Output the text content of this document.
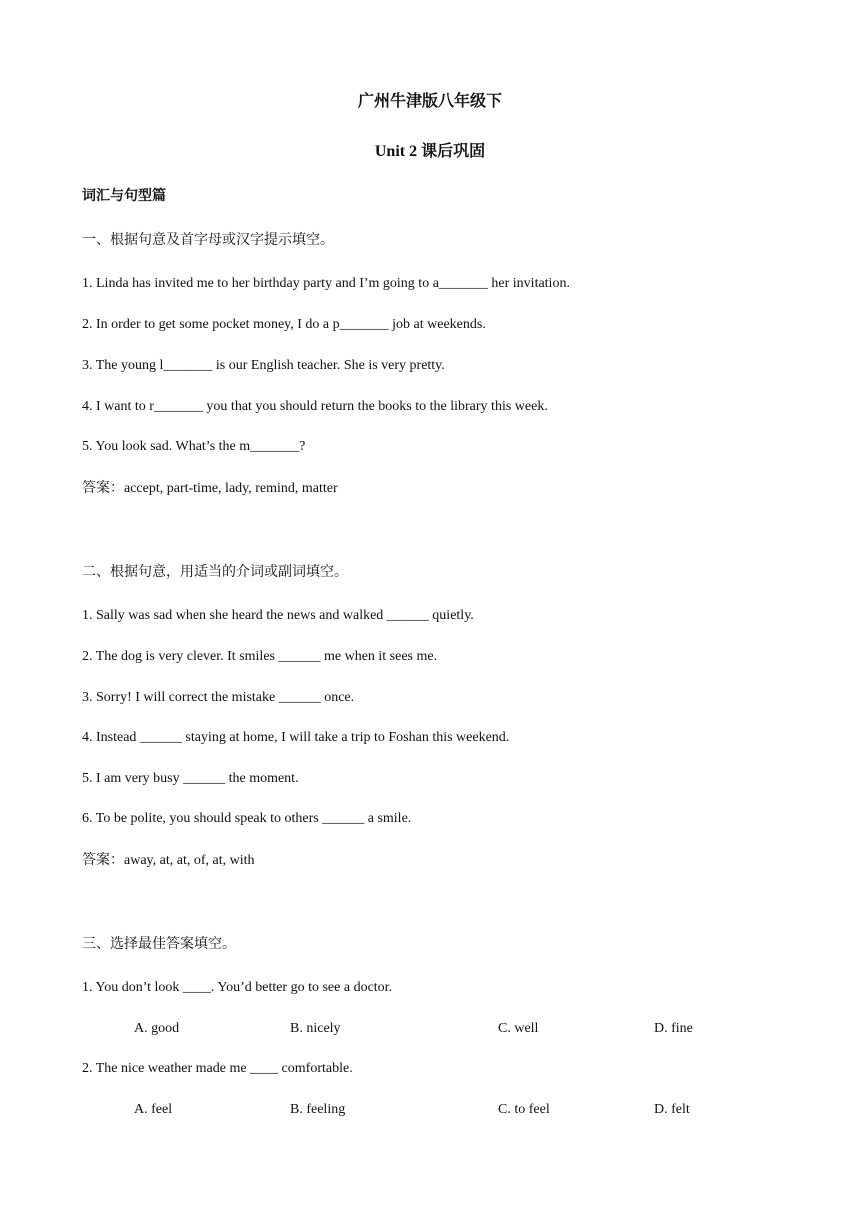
广州牛津版八年级下
Unit 2 课后巩固
词汇与句型篇
一、根据句意及首字母或汉字提示填空。
1. Linda has invited me to her birthday party and I’m going to a_______ her invitation.
2. In order to get some pocket money, I do a p_______ job at weekends.
3. The young l_______ is our English teacher. She is very pretty.
4. I want to r_______ you that you should return the books to the library this week.
5. You look sad. What’s the m_______?
答案：accept, part-time, lady, remind, matter
二、根据句意，用适当的介词或副词填空。
1. Sally was sad when she heard the news and walked ______ quietly.
2. The dog is very clever. It smiles ______ me when it sees me.
3. Sorry! I will correct the mistake ______ once.
4. Instead ______ staying at home, I will take a trip to Foshan this weekend.
5. I am very busy ______ the moment.
6. To be polite, you should speak to others ______ a smile.
答案：away, at, at, of, at, with
三、选择最佳答案填空。
1. You don’t look ____. You’d better go to see a doctor.
A. good	B. nicely	C. well	D. fine
2. The nice weather made me ____ comfortable.
A. feel	B. feeling	C. to feel	D. felt
